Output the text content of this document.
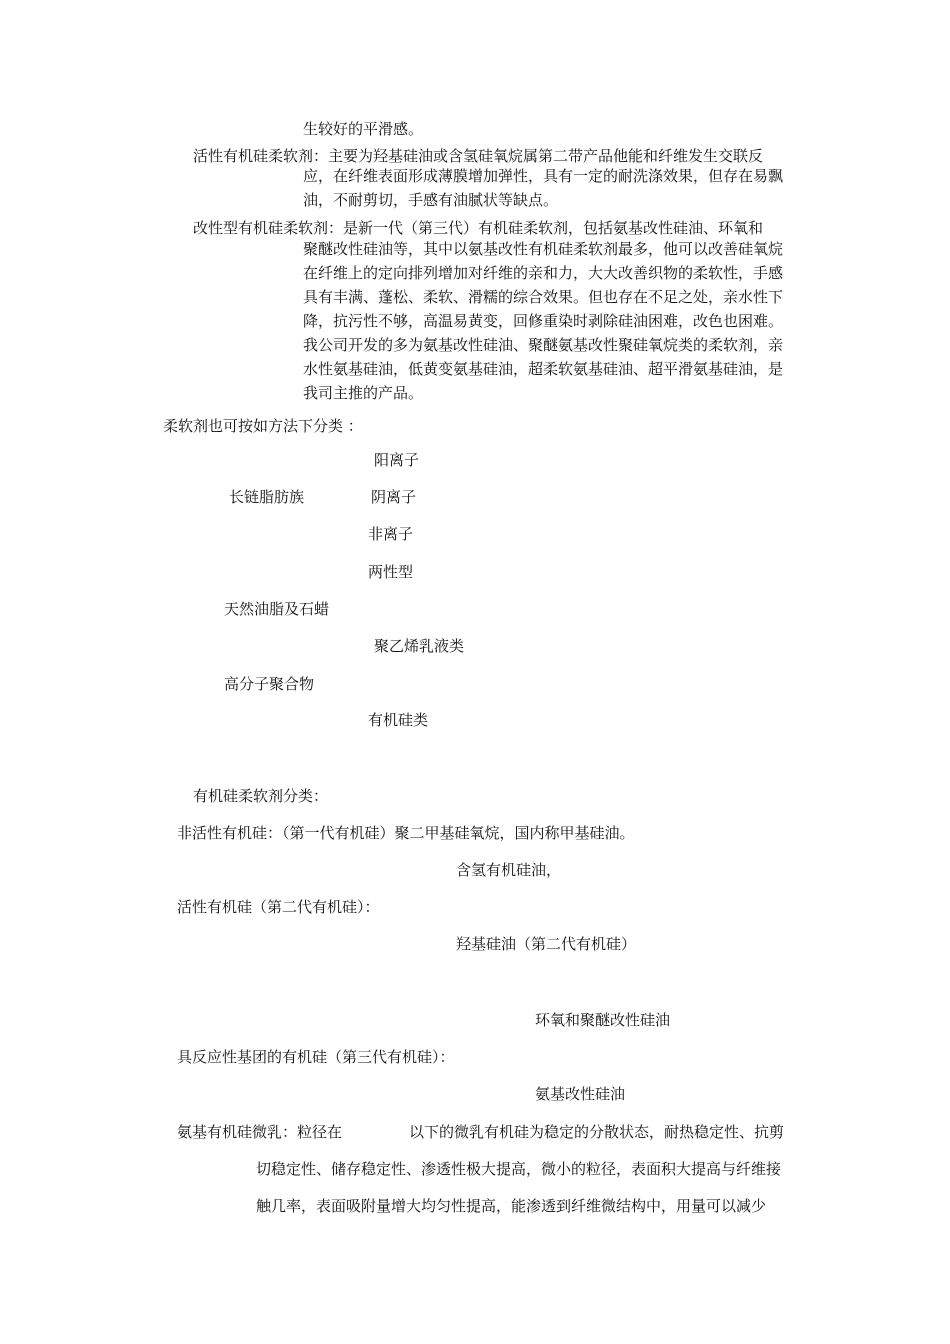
生较好的平滑感。
活性有机硅柔软剂：主要为羟基硅油或含氢硅氧烷属第二带产品他能和纤维发生交联反
应，在纤维表面形成薄膜增加弹性，具有一定的耐洗涤效果，但存在易飘
油，不耐剪切，手感有油腻状等缺点。
改性型有机硅柔软剂：是新一代（第三代）有机硅柔软剂，包括氨基改性硅油、环氧和
聚醚改性硅油等，其中以氨基改性有机硅柔软剂最多，他可以改善硅氧烷
在纤维上的定向排列增加对纤维的亲和力，大大改善织物的柔软性，手感
具有丰满、蓬松、柔软、滑糯的综合效果。但也存在不足之处，亲水性下
降，抗污性不够，高温易黄变，回修重染时剥除硅油困难，改色也困难。
我公司开发的多为氨基改性硅油、聚醚氨基改性聚硅氧烷类的柔软剂，亲
水性氨基硅油，低黄变氨基硅油，超柔软氨基硅油、超平滑氨基硅油，是
我司主推的产品。
柔软剂也可按如方法下分类 ：
阳离子
长链脂肪族	阴离子
非离子
两性型
天然油脂及石蜡
聚乙烯乳液类
高分子聚合物
有机硅类
有机硅柔软剂分类：
非活性有机硅：（第一代有机硅）聚二甲基硅氧烷，国内称甲基硅油。
含氢有机硅油，
活性有机硅（第二代有机硅）：
羟基硅油（第二代有机硅）
环氧和聚醚改性硅油
具反应性基团的有机硅（第三代有机硅）：
氨基改性硅油
氨基有机硅微乳：粒径在	以下的微乳有机硅为稳定的分散状态，耐热稳定性、抗剪
切稳定性、储存稳定性、渗透性极大提高，微小的粒径，表面积大提高与纤维接
触几率，表面吸附量增大均匀性提高，能渗透到纤维微结构中，用量可以减少
